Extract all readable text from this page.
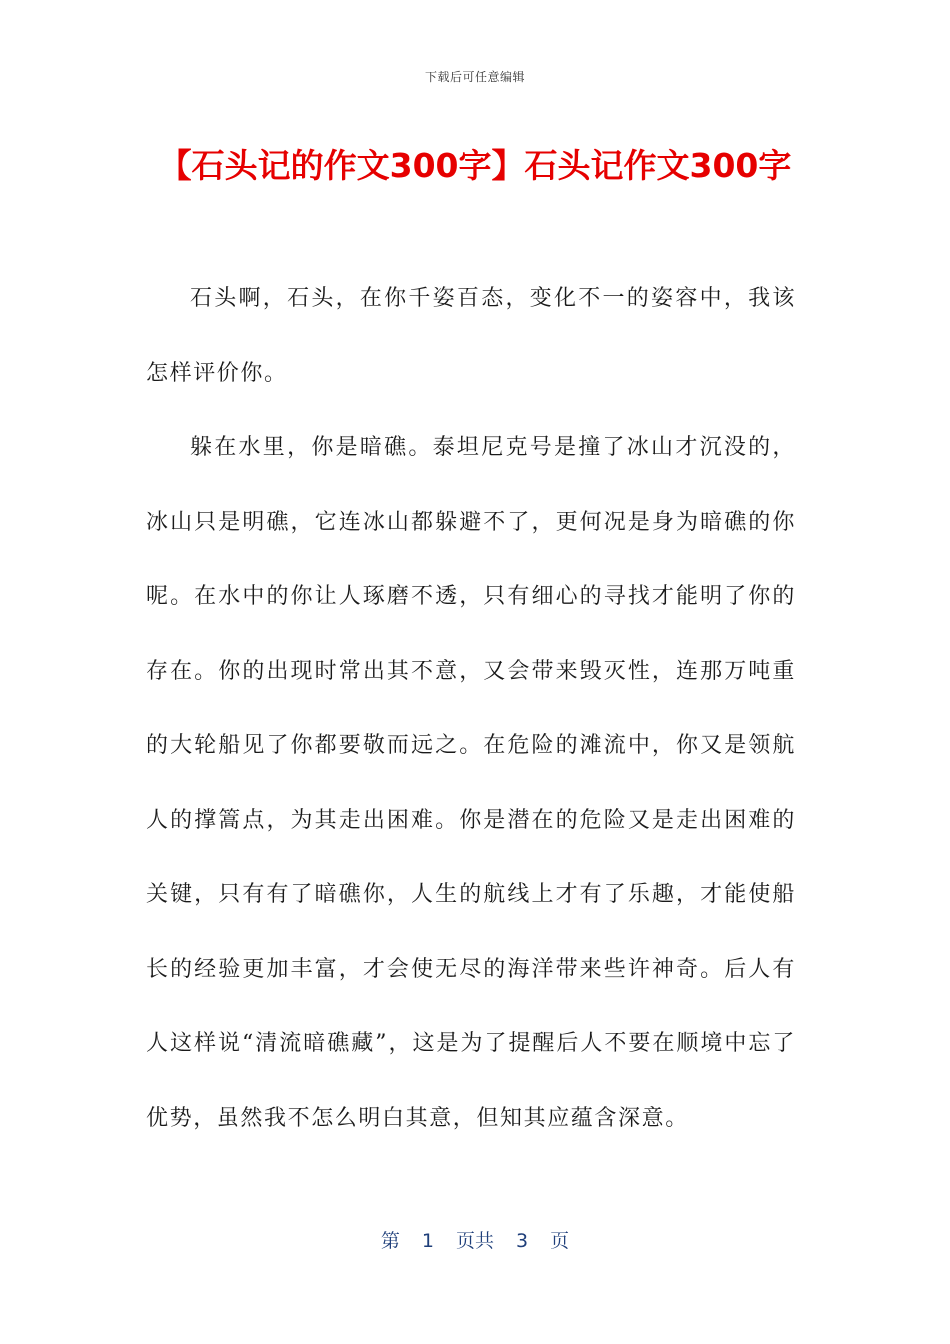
下载后可任意编辑
【石头记的作文300字】石头记作文300字

石头啊，石头，在你千姿百态，变化不一的姿容中，我该怎样评价你。

躲在水里，你是暗礁。泰坦尼克号是撞了冰山才沉没的，冰山只是明礁，它连冰山都躲避不了，更何况是身为暗礁的你呢。在水中的你让人琢磨不透，只有细心的寻找才能明了你的存在。你的出现时常出其不意，又会带来毁灭性，连那万吨重的大轮船见了你都要敬而远之。在危险的滩流中，你又是领航人的撑篙点，为其走出困难。你是潜在的危险又是走出困难的关键，只有有了暗礁你，人生的航线上才有了乐趣，才能使船长的经验更加丰富，才会使无尽的海洋带来些许神奇。后人有人这样说“清流暗礁藏”，这是为了提醒后人不要在顺境中忘了优势，虽然我不怎么明白其意，但知其应蕴含深意。

第 1 页共 3 页
